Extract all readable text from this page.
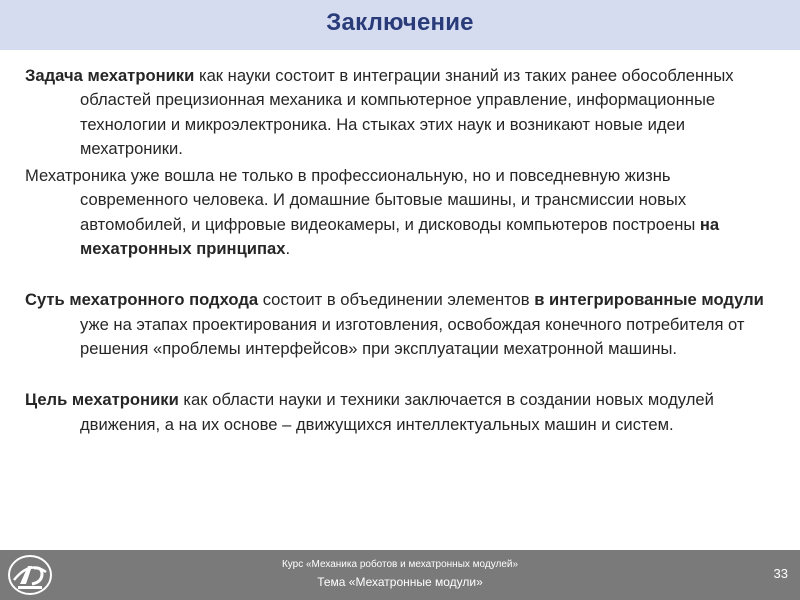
Заключение

Задача мехатроники как науки состоит в интеграции знаний из таких ранее обособленных областей прецизионная механика и компьютерное управление, информационные технологии и микроэлектроника. На стыках этих наук и возникают новые идеи мехатроники.

Мехатроника уже вошла не только в профессиональную, но и повседневную жизнь современного человека. И домашние бытовые машины, и трансмиссии новых автомобилей, и цифровые видеокамеры, и дисководы компьютеров построены на мехатронных принципах.

Суть мехатронного подхода состоит в объединении элементов в интегрированные модули уже на этапах проектирования и изготовления, освобождая конечного потребителя от решения «проблемы интерфейсов» при эксплуатации мехатронной машины.

Цель мехатроники как области науки и техники заключается в создании новых модулей движения, а на их основе – движущихся интеллектуальных машин и систем.

Курс «Механика роботов и мехатронных модулей»
Тема «Мехатронные модули»
33
